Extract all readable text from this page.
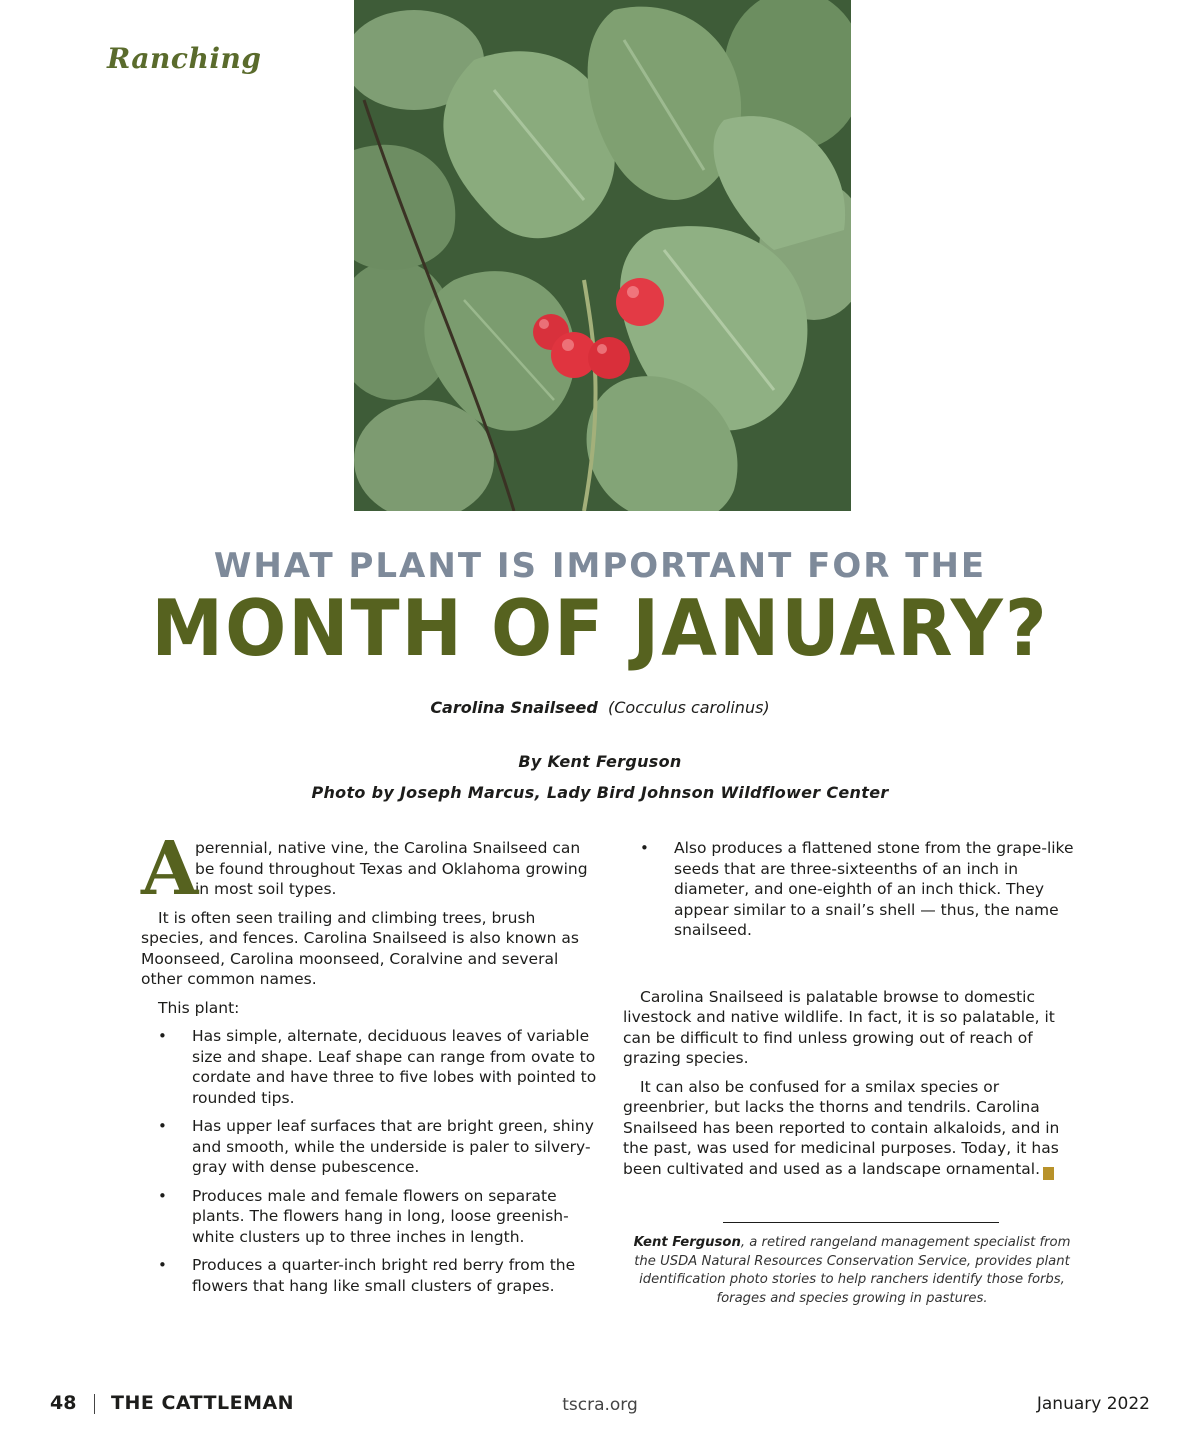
Ranching
WHAT PLANT IS IMPORTANT FOR THE
MONTH OF JANUARY?
Carolina Snailseed (Cocculus carolinus)
By Kent Ferguson
Photo by Joseph Marcus, Lady Bird Johnson Wildflower Center
A
perennial, native vine, the Carolina Snailseed can be found throughout Texas and Oklahoma growing in most soil types.

It is often seen trailing and climbing trees, brush species, and fences. Carolina Snailseed is also known as Moonseed, Carolina moonseed, Coralvine and several other common names.

This plant:

• Has simple, alternate, deciduous leaves of variable size and shape. Leaf shape can range from ovate to cordate and have three to five lobes with pointed to rounded tips.
• Has upper leaf surfaces that are bright green, shiny and smooth, while the underside is paler to silvery-gray with dense pubescence.
• Produces male and female flowers on separate plants. The flowers hang in long, loose greenish-white clusters up to three inches in length.
• Produces a quarter-inch bright red berry from the flowers that hang like small clusters of grapes.
• Also produces a flattened stone from the grape-like seeds that are three-sixteenths of an inch in diameter, and one-eighth of an inch thick. They appear similar to a snail’s shell — thus, the name snailseed.

Carolina Snailseed is palatable browse to domestic livestock and native wildlife. In fact, it is so palatable, it can be difficult to find unless growing out of reach of grazing species.

It can also be confused for a smilax species or greenbrier, but lacks the thorns and tendrils. Carolina Snailseed has been reported to contain alkaloids, and in the past, was used for medicinal purposes. Today, it has been cultivated and used as a landscape ornamental. c

Kent Ferguson, a retired rangeland management specialist from the USDA Natural Resources Conservation Service, provides plant identification photo stories to help ranchers identify those forbs, forages and species growing in pastures.
48 THE CATTLEMAN	tscra.org	January 2022
